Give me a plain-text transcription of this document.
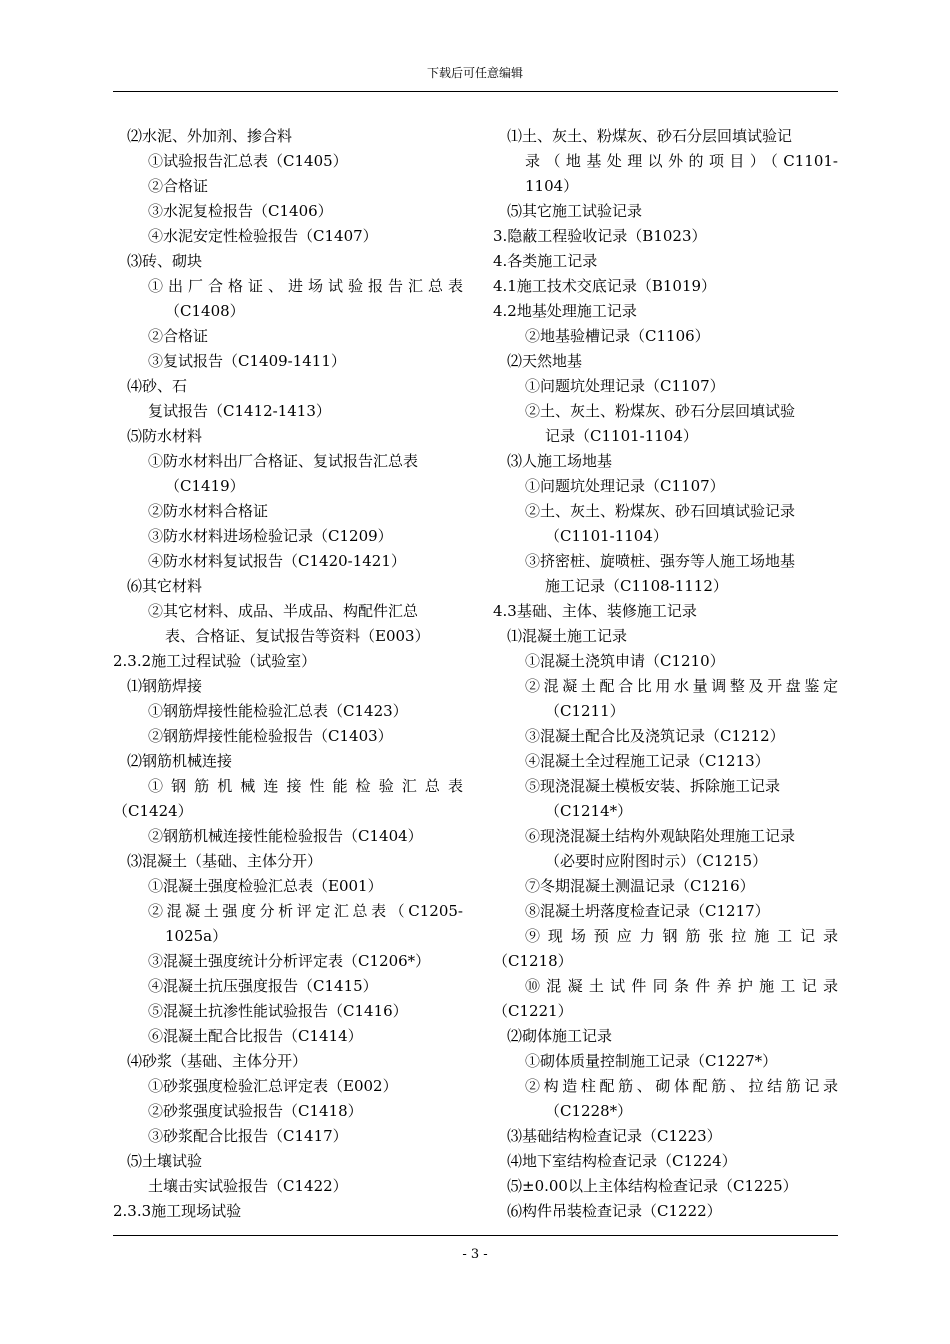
下载后可任意编辑
⑵水泥、外加剂、掺合料
①试验报告汇总表（C1405）
②合格证
③水泥复检报告（C1406）
④水泥安定性检验报告（C1407）
⑶砖、砌块
①出厂合格证、进场试验报告汇总表
（C1408）
②合格证
③复试报告（C1409-1411）
⑷砂、石
复试报告（C1412-1413）
⑸防水材料
①防水材料出厂合格证、复试报告汇总表
（C1419）
②防水材料合格证
③防水材料进场检验记录（C1209）
④防水材料复试报告（C1420-1421）
⑹其它材料
②其它材料、成品、半成品、构配件汇总
表、合格证、复试报告等资料（E003）
2.3.2施工过程试验（试验室）
⑴钢筋焊接
①钢筋焊接性能检验汇总表（C1423）
②钢筋焊接性能检验报告（C1403）
⑵钢筋机械连接
① 钢 筋 机 械 连 接 性 能 检 验 汇 总 表
（C1424）
②钢筋机械连接性能检验报告（C1404）
⑶混凝土（基础、主体分开）
①混凝土强度检验汇总表（E001）
②混凝土强度分析评定汇总表（C1205-
1025a）
③混凝土强度统计分析评定表（C1206*）
④混凝土抗压强度报告（C1415）
⑤混凝土抗渗性能试验报告（C1416）
⑥混凝土配合比报告（C1414）
⑷砂浆（基础、主体分开）
①砂浆强度检验汇总评定表（E002）
②砂浆强度试验报告（C1418）
③砂浆配合比报告（C1417）
⑸土壤试验
土壤击实试验报告（C1422）
2.3.3施工现场试验
⑴土、灰土、粉煤灰、砂石分层回填试验记
录（地基处理以外的项目）（C1101-
1104）
⑸其它施工试验记录
3.隐蔽工程验收记录（B1023）
4.各类施工记录
4.1施工技术交底记录（B1019）
4.2地基处理施工记录
②地基验槽记录（C1106）
⑵天然地基
①问题坑处理记录（C1107）
②土、灰土、粉煤灰、砂石分层回填试验
记录（C1101-1104）
⑶人施工场地基
①问题坑处理记录（C1107）
②土、灰土、粉煤灰、砂石回填试验记录
（C1101-1104）
③挤密桩、旋喷桩、强夯等人施工场地基
施工记录（C1108-1112）
4.3基础、主体、装修施工记录
⑴混凝土施工记录
①混凝土浇筑申请（C1210）
②混凝土配合比用水量调整及开盘鉴定
（C1211）
③混凝土配合比及浇筑记录（C1212）
④混凝土全过程施工记录（C1213）
⑤现浇混凝土模板安装、拆除施工记录
（C1214*）
⑥现浇混凝土结构外观缺陷处理施工记录
（必要时应附图时示）（C1215）
⑦冬期混凝土测温记录（C1216）
⑧混凝土坍落度检查记录（C1217）
⑨ 现 场 预 应 力 钢 筋 张 拉 施 工 记 录
（C1218）
⑩ 混 凝 土 试 件 同 条 件 养 护 施 工 记 录
（C1221）
⑵砌体施工记录
①砌体质量控制施工记录（C1227*）
②构造柱配筋、砌体配筋、拉结筋记录
（C1228*）
⑶基础结构检查记录（C1223）
⑷地下室结构检查记录（C1224）
⑸±0.00以上主体结构检查记录（C1225）
⑹构件吊装检查记录（C1222）
- 3 -
